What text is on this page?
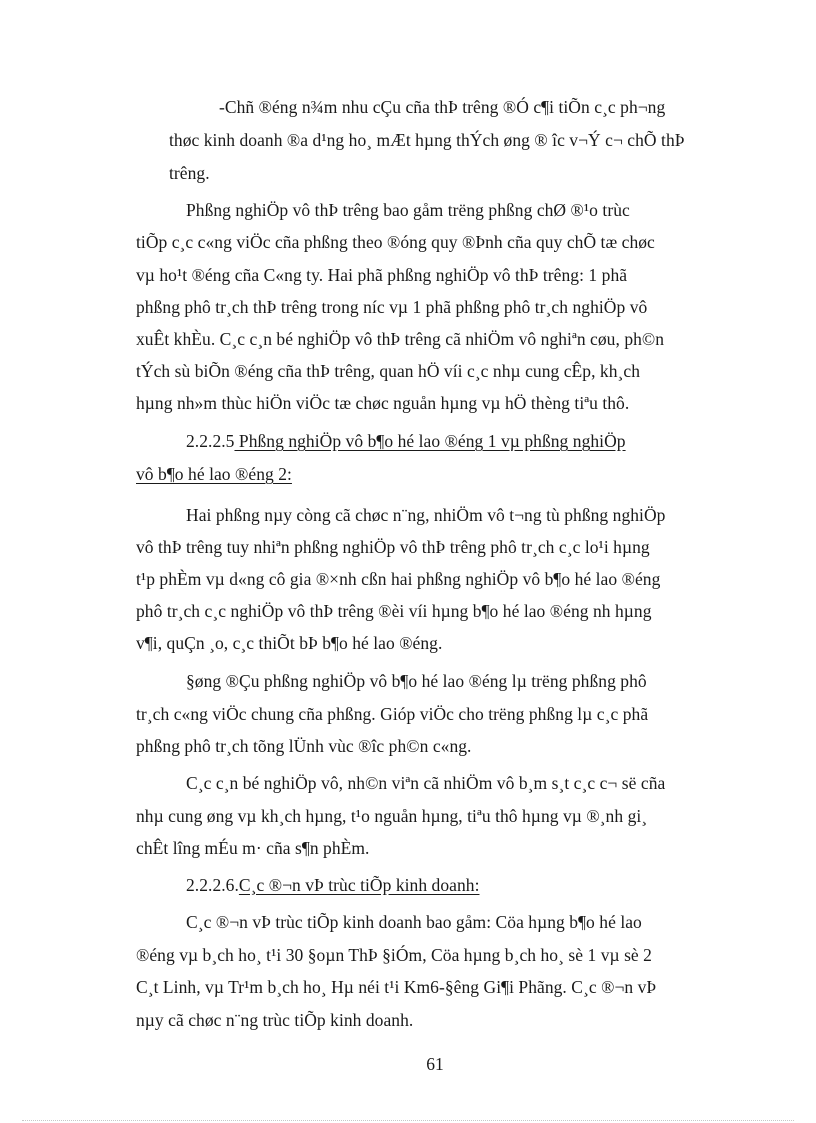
-Chñ ®éng n¾m nhu cÇu cña thÞ trêng ®Ó c¶i tiÕn c¸c ph¬ng
thøc kinh doanh ®a d¹ng ho¸ mÆt hµng thÝch øng ® îc v¬Ý c¬ chÕ thÞ
trêng.
Phßng nghiÖp vô thÞ trêng bao gåm trëng phßng chØ ®¹o trùc
tiÕp c¸c c«ng viÖc cña phßng theo ®óng quy ®Þnh cña quy chÕ tæ chøc
vµ ho¹t ®éng cña C«ng ty. Hai phã phßng nghiÖp vô thÞ trêng: 1 phã
phßng phô tr¸ch thÞ trêng trong níc vµ 1 phã phßng phô tr¸ch nghiÖp vô
xuÊt khÈu. C¸c c¸n bé nghiÖp vô thÞ trêng cã nhiÖm vô nghiªn cøu, ph©n
tÝch sù biÕn ®éng cña thÞ trêng, quan hÖ víi c¸c nhµ cung cÊp, kh¸ch
hµng nh»m thùc hiÖn viÖc tæ chøc nguån hµng vµ hÖ thèng tiªu thô.
2.2.2.5 Phßng nghiÖp vô b¶o hé lao ®éng 1 vµ phßng nghiÖp
vô b¶o hé lao ®éng 2:
Hai phßng nµy còng cã chøc n¨ng, nhiÖm vô t¬ng tù phßng nghiÖp
vô thÞ trêng tuy nhiªn phßng nghiÖp vô thÞ trêng phô tr¸ch c¸c lo¹i hµng
t¹p phÈm vµ d«ng cô gia ®×nh cßn hai phßng nghiÖp vô b¶o hé lao ®éng
phô tr¸ch c¸c nghiÖp vô thÞ trêng ®èi víi hµng b¶o hé lao ®éng nh hµng
v¶i, quÇn ¸o, c¸c thiÕt bÞ b¶o hé lao ®éng.
§øng ®Çu phßng nghiÖp vô b¶o hé lao ®éng lµ trëng phßng phô
tr¸ch c«ng viÖc chung cña phßng. Gióp viÖc cho trëng phßng lµ c¸c phã
phßng phô tr¸ch tõng lÜnh vùc ®îc ph©n c«ng.
C¸c c¸n bé nghiÖp vô, nh©n viªn cã nhiÖm vô b¸m s¸t c¸c c¬ së cña
nhµ cung øng vµ kh¸ch hµng, t¹o nguån hµng, tiªu thô hµng vµ ®¸nh gi¸
chÊt lîng mÉu m· cña s¶n phÈm.
2.2.2.6.C¸c ®¬n vÞ trùc tiÕp kinh doanh:
C¸c ®¬n vÞ trùc tiÕp kinh doanh bao gåm: Cöa hµng b¶o hé lao
®éng vµ b¸ch ho¸ t¹i 30 §oµn ThÞ §iÓm, Cöa hµng b¸ch ho¸ sè 1 vµ sè 2
C¸t Linh, vµ Tr¹m b¸ch ho¸ Hµ néi t¹i Km6-§êng Gi¶i Phãng. C¸c ®¬n vÞ
nµy cã chøc n¨ng trùc tiÕp kinh doanh.
61
